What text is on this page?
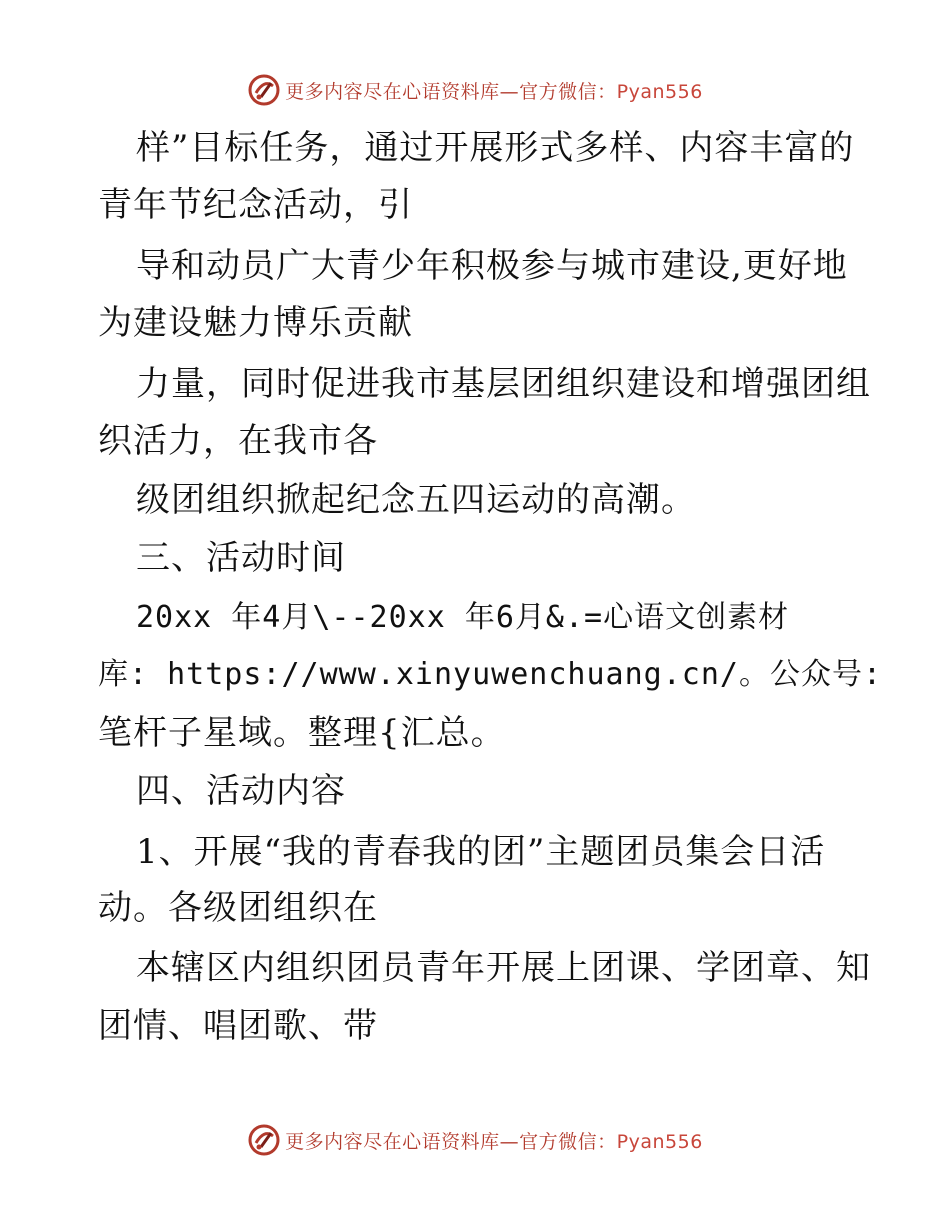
更多内容尽在心语资料库—官方微信：Pyan556
样”目标任务，通过开展形式多样、内容丰富的
青年节纪念活动，引
导和动员广大青少年积极参与城市建设,更好地
为建设魅力博乐贡献
力量，同时促进我市基层团组织建设和增强团组
织活力，在我市各
级团组织掀起纪念五四运动的高潮。
三、活动时间
20xx 年4月\--20xx 年6月&.=心语文创素材
库: https://www.xinyuwenchuang.cn/。公众号:
笔杆子星域。整理{汇总。
四、活动内容
1、开展“我的青春我的团”主题团员集会日活
动。各级团组织在
本辖区内组织团员青年开展上团课、学团章、知
团情、唱团歌、带
更多内容尽在心语资料库—官方微信：Pyan556
